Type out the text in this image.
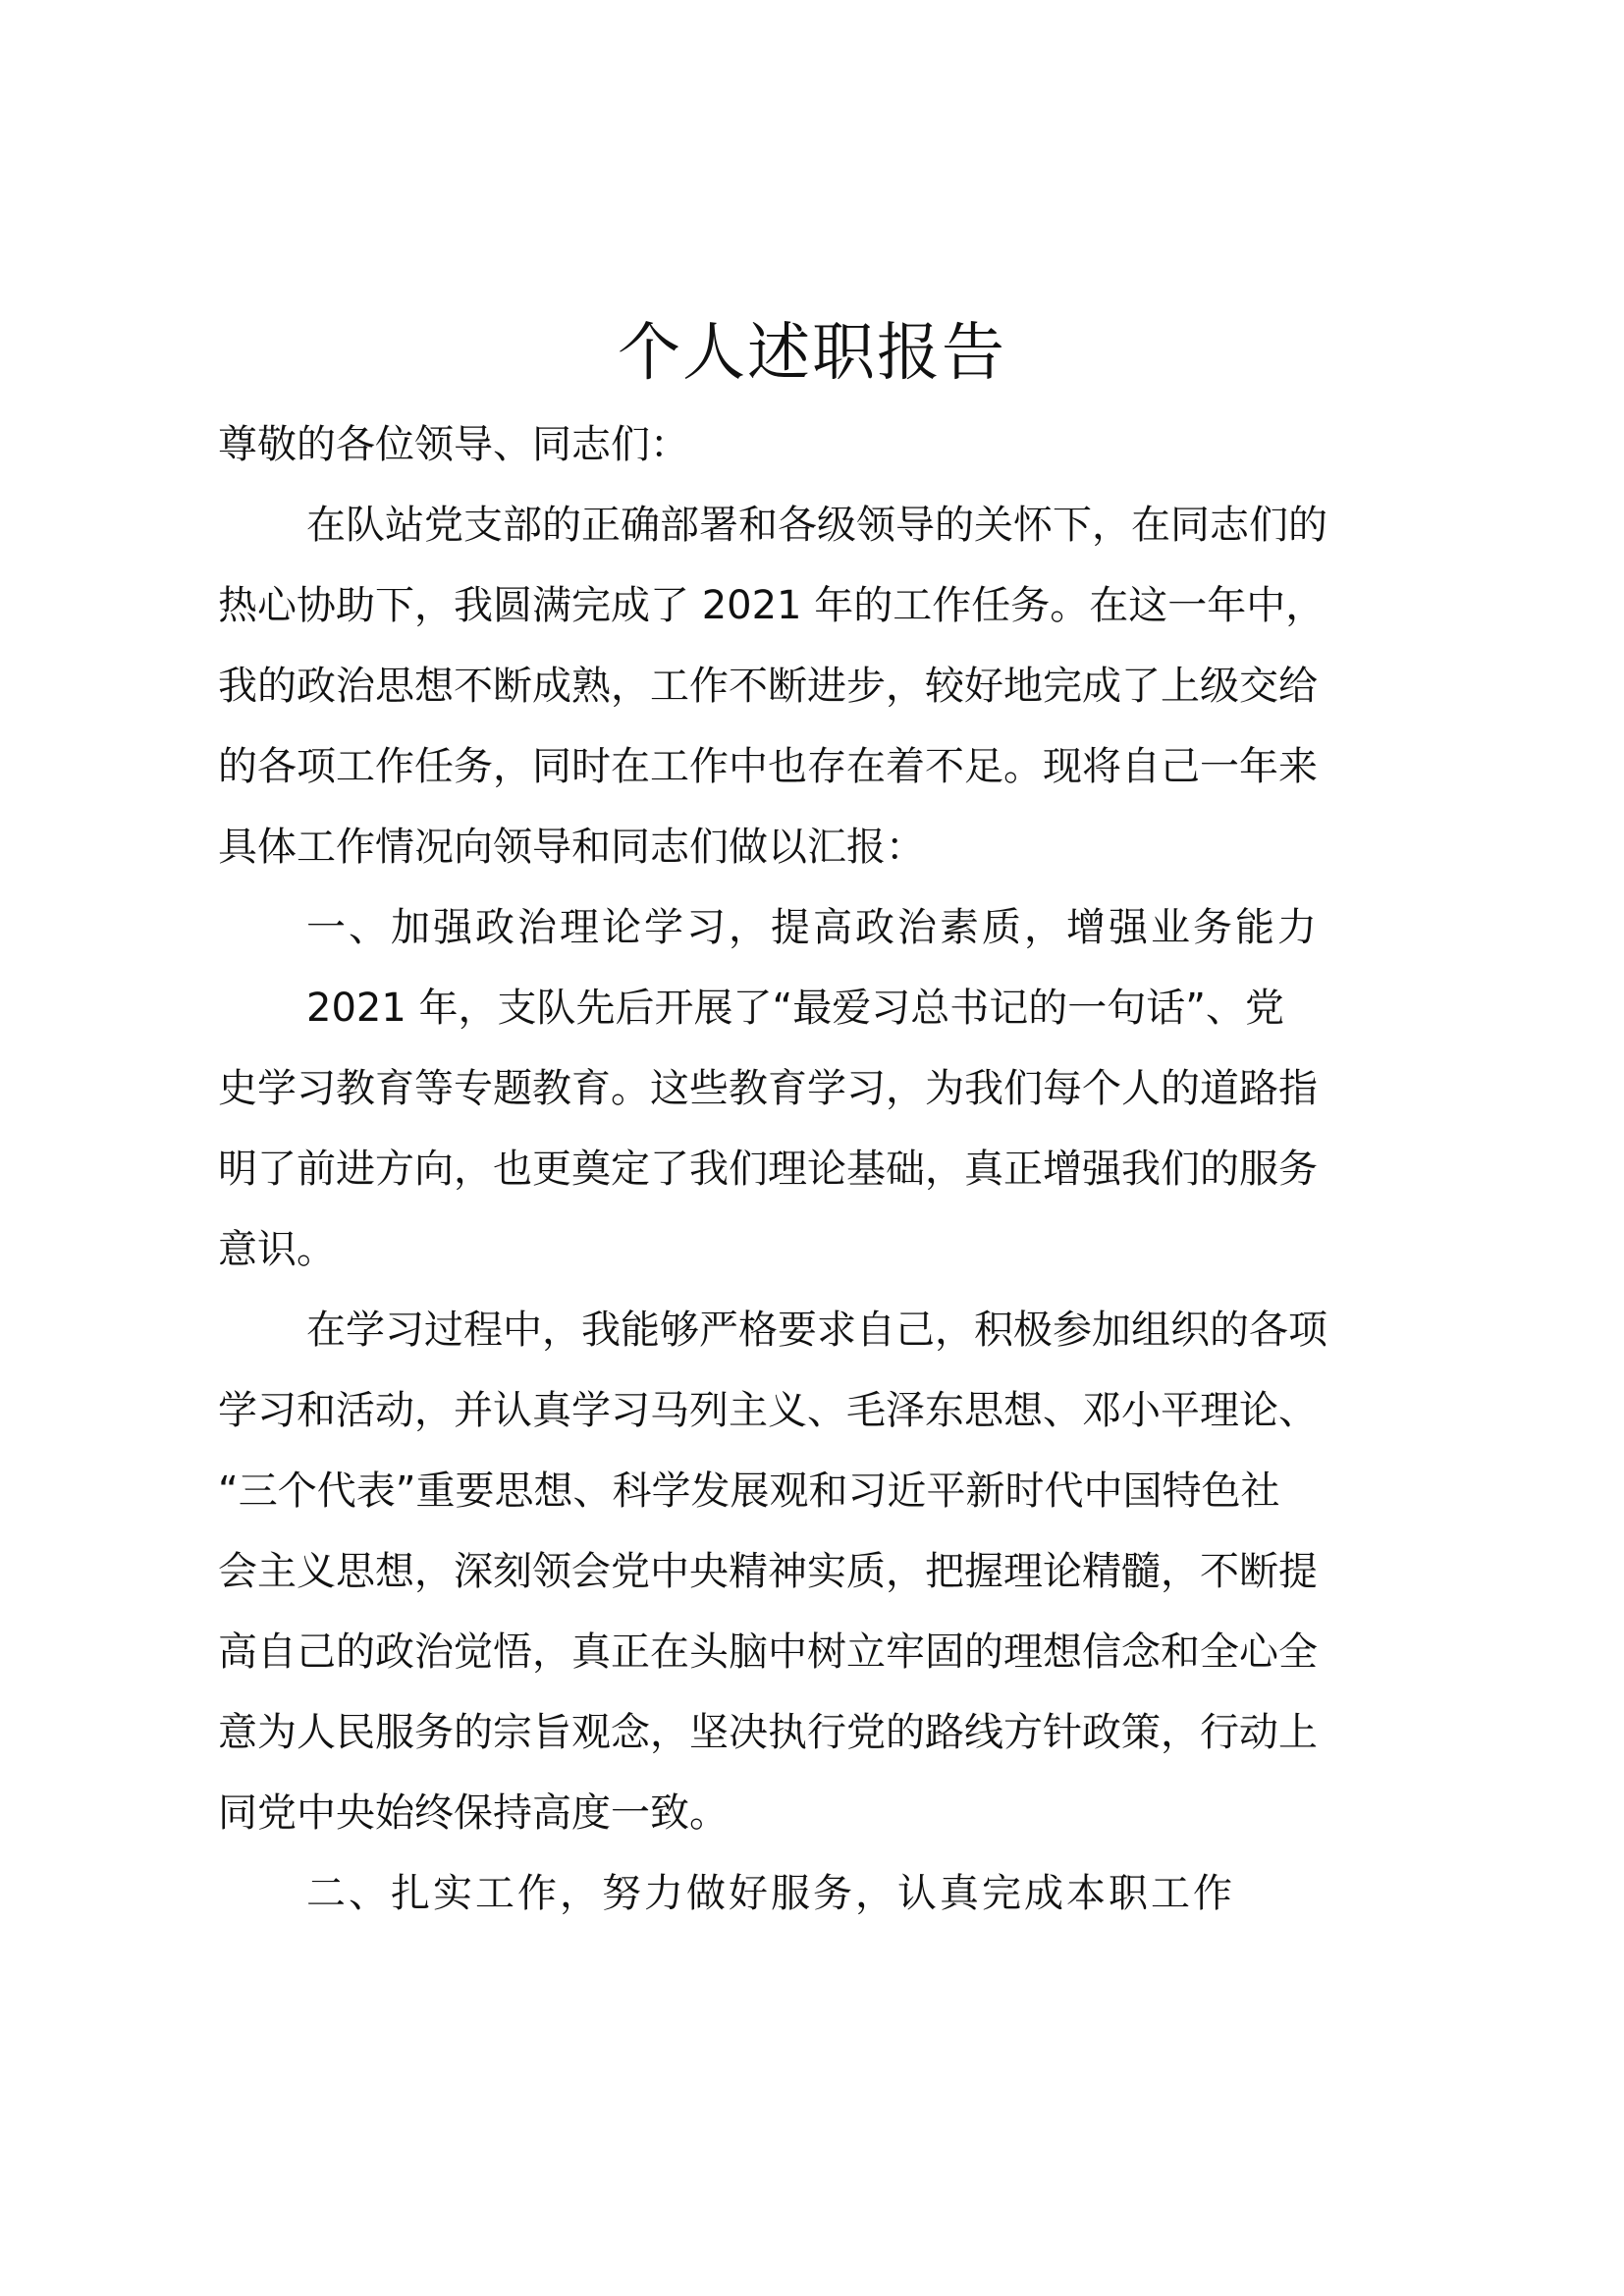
个人述职报告
尊敬的各位领导、同志们：
在队站党支部的正确部署和各级领导的关怀下，在同志们的
热心协助下，我圆满完成了 2021 年的工作任务。在这一年中，
我的政治思想不断成熟，工作不断进步，较好地完成了上级交给
的各项工作任务，同时在工作中也存在着不足。现将自己一年来
具体工作情况向领导和同志们做以汇报：
一、加强政治理论学习，提高政治素质，增强业务能力
2021 年，支队先后开展了“最爱习总书记的一句话”、党
史学习教育等专题教育。这些教育学习，为我们每个人的道路指
明了前进方向，也更奠定了我们理论基础，真正增强我们的服务
意识。
在学习过程中，我能够严格要求自己，积极参加组织的各项
学习和活动，并认真学习马列主义、毛泽东思想、邓小平理论、
“三个代表”重要思想、科学发展观和习近平新时代中国特色社
会主义思想，深刻领会党中央精神实质，把握理论精髓，不断提
高自己的政治觉悟，真正在头脑中树立牢固的理想信念和全心全
意为人民服务的宗旨观念，坚决执行党的路线方针政策，行动上
同党中央始终保持高度一致。
二、扎实工作，努力做好服务，认真完成本职工作
